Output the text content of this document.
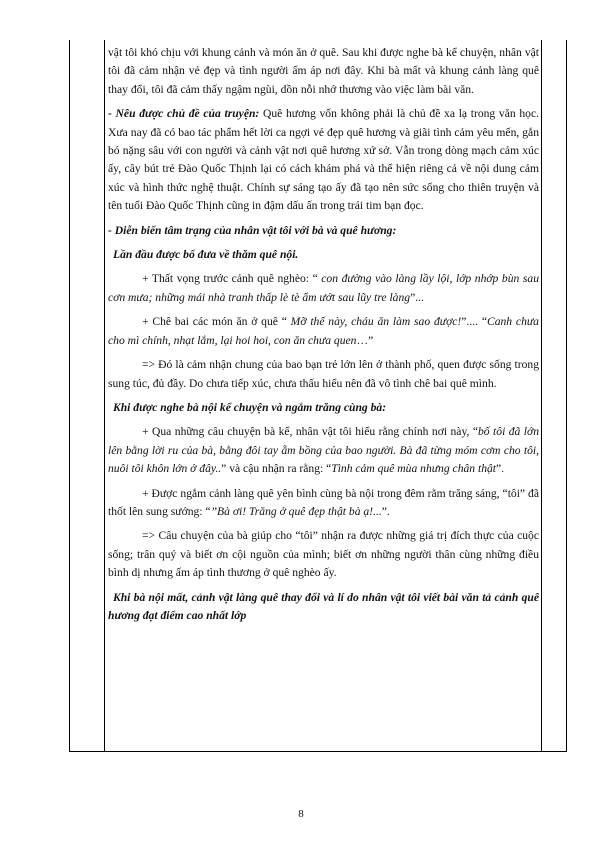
vật tôi khó chịu với khung cảnh và món ăn ở quê. Sau khi được nghe bà kể chuyện, nhân vật tôi đã cảm nhận vẻ đẹp và tình người ấm áp nơi đây. Khi bà mất và khung cảnh làng quê thay đổi, tôi đã cảm thấy ngậm ngùi, dồn nỗi nhớ thương vào việc làm bài văn.

- Nêu được chủ đề của truyện: Quê hương vốn không phải là chủ đề xa lạ trong văn học. Xưa nay đã có bao tác phẩm hết lời ca ngợi vẻ đẹp quê hương và giãi tình cảm yêu mến, gắn bó nặng sâu với con người và cảnh vật nơi quê hương xứ sở. Vẫn trong dòng mạch cảm xúc ấy, cây bút trẻ Đào Quốc Thịnh lại có cách khám phá và thể hiện riêng cả về nội dung cảm xúc và hình thức nghệ thuật. Chính sự sáng tạo ấy đã tạo nên sức sống cho thiên truyện và tên tuổi Đào Quốc Thịnh cũng in đậm dấu ấn trong trái tim bạn đọc.

- Diễn biến tâm trạng của nhân vật tôi với bà và quê hương:

Lần đầu được bố đưa về thăm quê nội.

+ Thất vọng trước cảnh quê nghèo: “ con đường vào làng lầy lội, lớp nhớp bùn sau cơn mưa; những mái nhà tranh thấp lè tè ẩm ướt sau lũy tre làng”...

+ Chê bai các món ăn ở quê “ Mỡ thế này, cháu ăn làm sao được!”.... “Canh chưa cho mì chính, nhạt lắm, lại hoi hoi, con ăn chưa quen…”

=> Đó là cảm nhận chung của bao bạn trẻ lớn lên ở thành phố, quen được sống trong sung túc, đủ đầy. Do chưa tiếp xúc, chưa thấu hiểu nên đã vô tình chê bai quê mình.

Khi được nghe bà nội kể chuyện và ngắm trăng cùng bà:

+ Qua những câu chuyện bà kể, nhân vật tôi hiểu rằng chính nơi này, “bố tôi đã lớn lên bằng lời ru của bà, bằng đôi tay ẵm bồng của bao người. Bà đã từng móm cơm cho tôi, nuôi tôi khôn lớn ở đây..” và cậu nhận ra rằng: “Tình cảm quê mùa nhưng chân thật”.

+ Được ngắm cảnh làng quê yên bình cùng bà nội trong đêm rằm trăng sáng, “tôi” đã thốt lên sung sướng: “”Bà ơi! Trăng ở quê đẹp thật bà ạ!...”.

=> Câu chuyện của bà giúp cho “tôi” nhận ra được những giá trị đích thực của cuộc sống; trân quý và biết ơn cội nguồn của mình; biết ơn những người thân cùng những điều bình dị nhưng ấm áp tình thương ở quê nghèo ấy.

Khi bà nội mất, cảnh vật làng quê thay đổi và lí do nhân vật tôi viết bài văn tả cảnh quê hương đạt điểm cao nhất lớp

8
